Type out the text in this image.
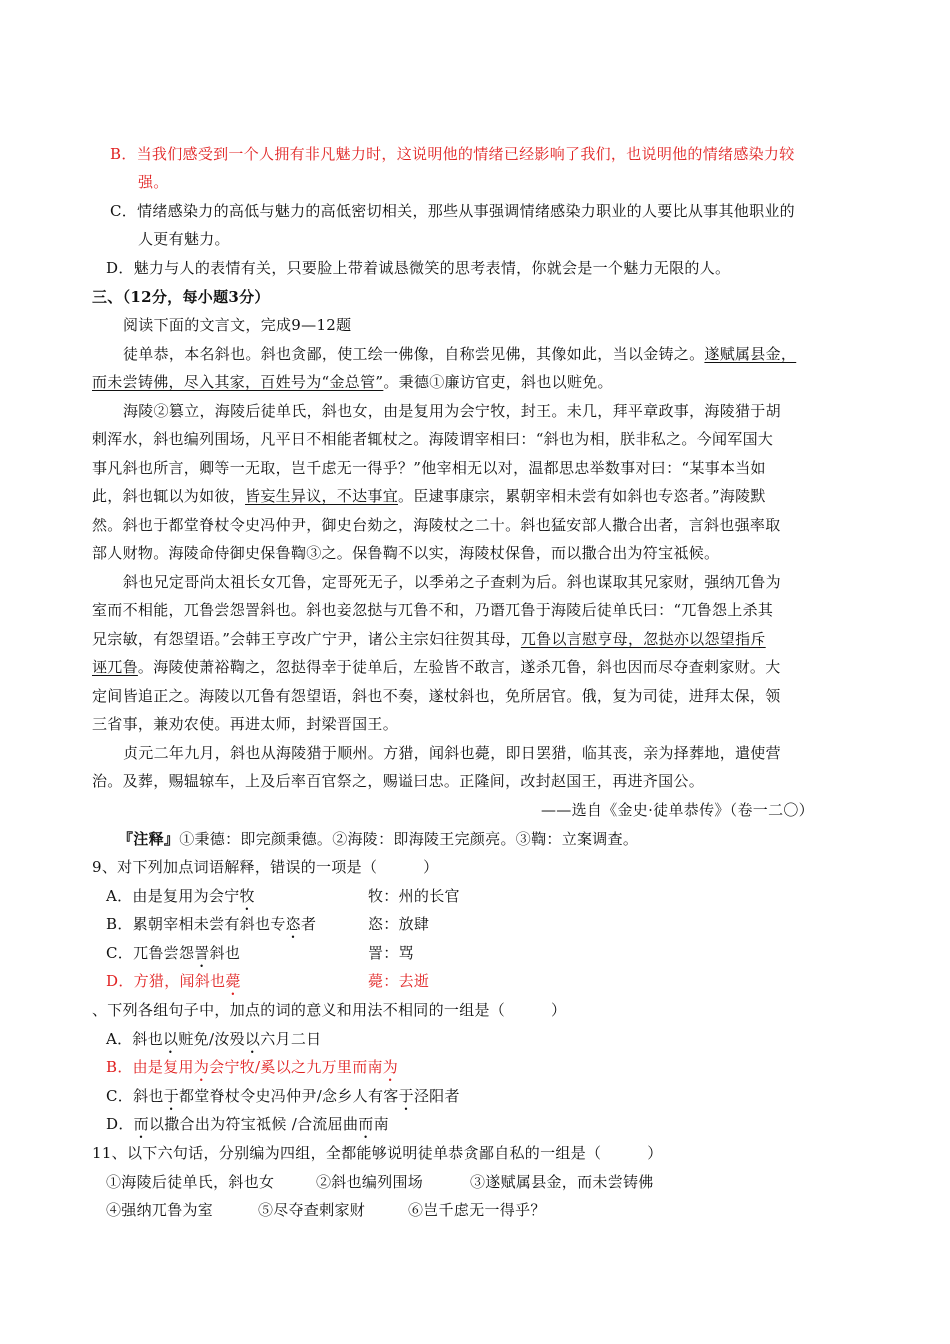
B．当我们感受到一个人拥有非凡魅力时，这说明他的情绪已经影响了我们，也说明他的情绪感染力较
强。
C．情绪感染力的高低与魅力的高低密切相关，那些从事强调情绪感染力职业的人要比从事其他职业的
人更有魅力。
D．魅力与人的表情有关，只要脸上带着诚恳微笑的思考表情，你就会是一个魅力无限的人。
三、（12分，每小题3分）
阅读下面的文言文，完成9—12题
徒单恭，本名斜也。斜也贪鄙，使工绘一佛像，自称尝见佛，其像如此，当以金铸之。遂赋属县金，
而未尝铸佛，尽入其家，百姓号为“金总管”。秉德①廉访官吏，斜也以赃免。
海陵②篡立，海陵后徒单氏，斜也女，由是复用为会宁牧，封王。未几，拜平章政事，海陵猎于胡
剌浑水，斜也编列围场，凡平日不相能者辄杖之。海陵谓宰相曰：“斜也为相，朕非私之。今闻军国大
事凡斜也所言，卿等一无取，岂千虑无一得乎？”他宰相无以对，温都思忠举数事对曰：“某事本当如
此，斜也辄以为如彼，皆妄生异议，不达事宜。臣逮事康宗，累朝宰相未尝有如斜也专恣者。”海陵默
然。斜也于都堂脊杖令史冯仲尹，御史台劾之，海陵杖之二十。斜也猛安部人撒合出者，言斜也强率取
部人财物。海陵命侍御史保鲁鞫③之。保鲁鞫不以实，海陵杖保鲁，而以撒合出为符宝祗候。
斜也兄定哥尚太祖长女兀鲁，定哥死无子，以季弟之子查剌为后。斜也谋取其兄家财，强纳兀鲁为
室而不相能，兀鲁尝怨詈斜也。斜也妾忽挞与兀鲁不和，乃谮兀鲁于海陵后徒单氏曰：“兀鲁怨上杀其
兄宗敏，有怨望语。”会韩王亨改广宁尹，诸公主宗妇往贺其母，兀鲁以言慰亨母，忽挞亦以怨望指斥
诬兀鲁。海陵使萧裕鞫之，忽挞得幸于徒单后，左验皆不敢言，遂杀兀鲁，斜也因而尽夺查剌家财。大
定间皆追正之。海陵以兀鲁有怨望语，斜也不奏，遂杖斜也，免所居官。俄，复为司徒，进拜太保，领
三省事，兼劝农使。再进太师，封梁晋国王。
贞元二年九月，斜也从海陵猎于顺州。方猎，闻斜也薨，即日罢猎，临其丧，亲为择葬地，遣使营
治。及葬，赐辒辌车，上及后率百官祭之，赐谥曰忠。正隆间，改封赵国王，再进齐国公。
——选自《金史·徒单恭传》（卷一二〇）
『注释』①秉德：即完颜秉德。②海陵：即海陵王完颜亮。③鞫：立案调查。
9、对下列加点词语解释，错误的一项是（　　　）
A．由是复用为会宁牧	牧：州的长官
B．累朝宰相未尝有斜也专恣者	恣：放肆
C．兀鲁尝怨詈斜也	詈：骂
D．方猎，闻斜也薨	薨：去逝
、下列各组句子中，加点的词的意义和用法不相同的一组是（　　　）
A．斜也以赃免/汝殁以六月二日
B．由是复用为会宁牧/奚以之九万里而南为
C．斜也于都堂脊杖令史冯仲尹/念乡人有客于泾阳者
D．而以撒合出为符宝祗候 /合流屈曲而南
11、以下六句话，分别编为四组，全都能够说明徒单恭贪鄙自私的一组是（　　　）
①海陵后徒单氏，斜也女	②斜也编列围场	③遂赋属县金，而未尝铸佛
④强纳兀鲁为室	⑤尽夺查剌家财	⑥岂千虑无一得乎？
